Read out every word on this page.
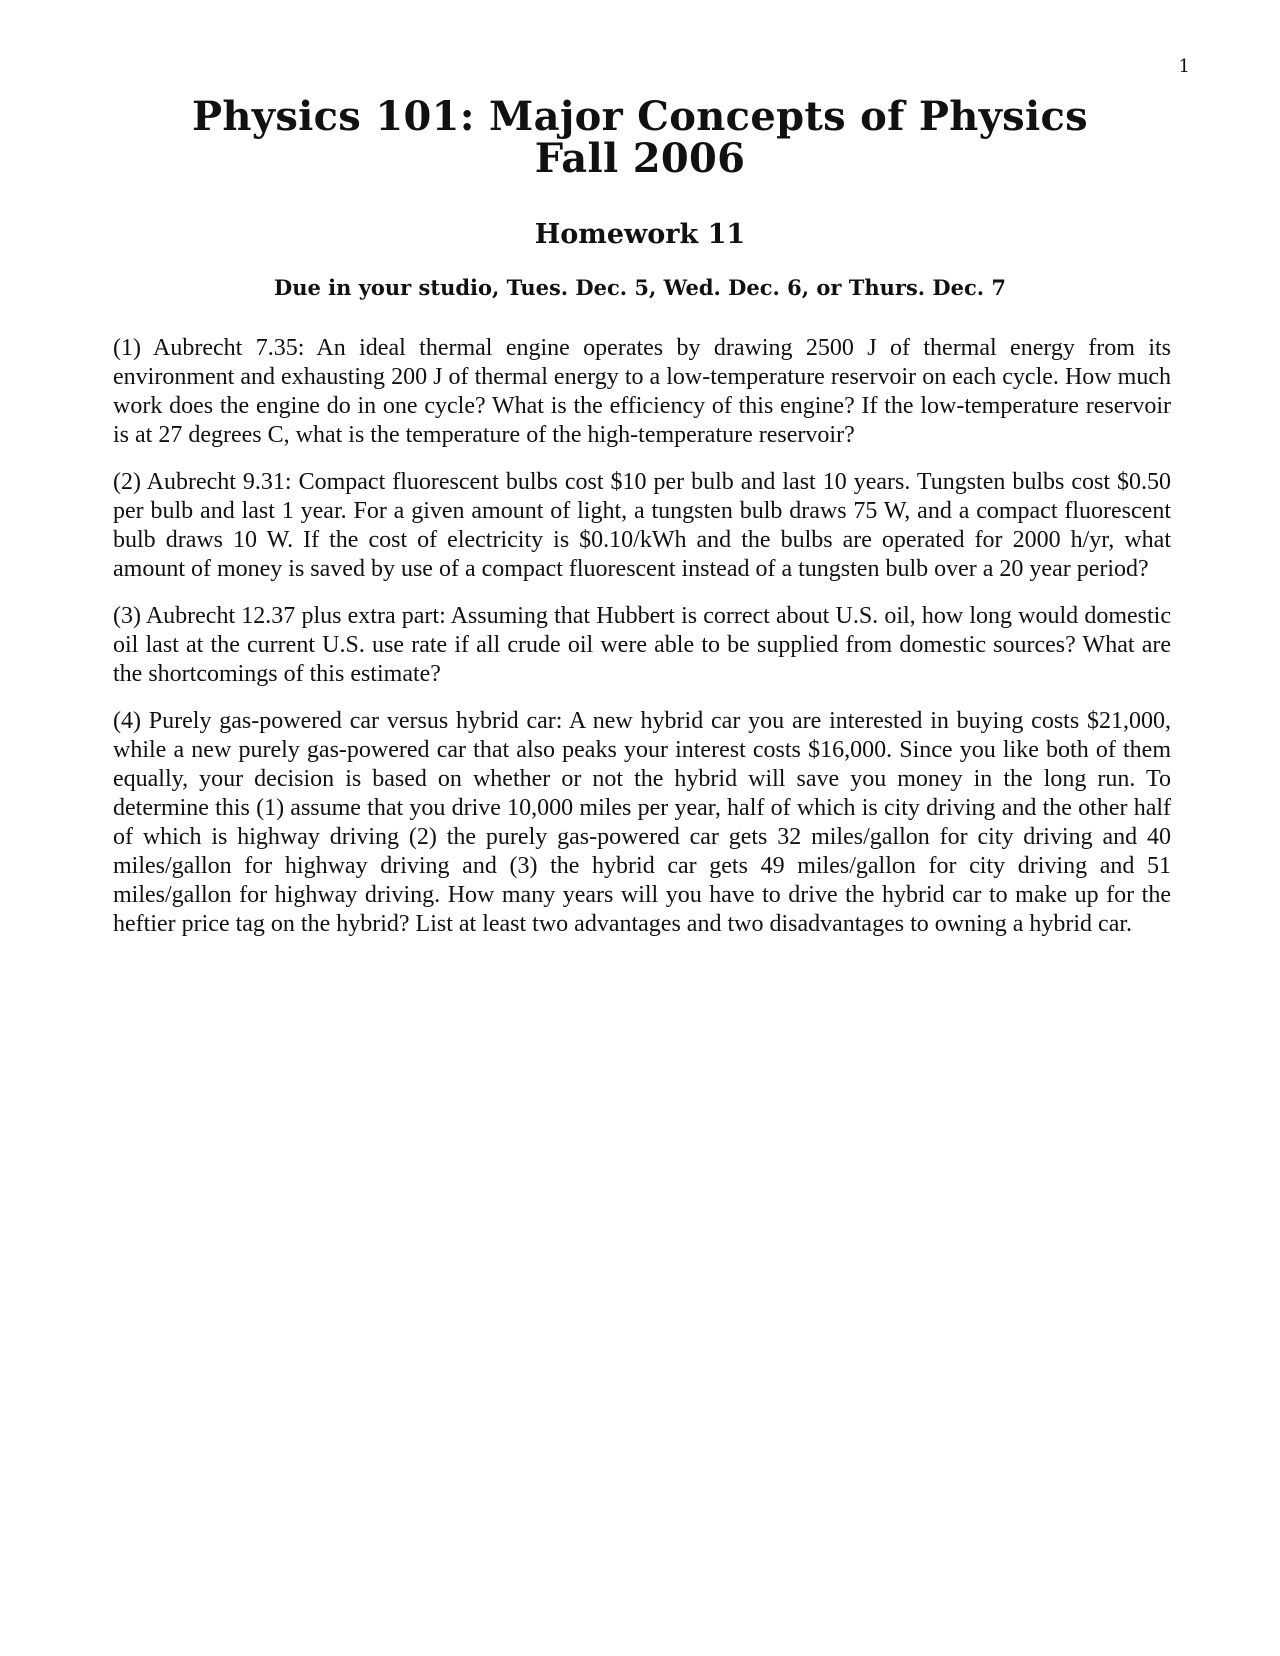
1
Physics 101: Major Concepts of Physics
Fall 2006
Homework 11
Due in your studio, Tues. Dec. 5, Wed. Dec. 6, or Thurs. Dec. 7

(1) Aubrecht 7.35: An ideal thermal engine operates by drawing 2500 J of thermal energy from its environment and exhausting 200 J of thermal energy to a low-temperature reservoir on each cycle. How much work does the engine do in one cycle? What is the efficiency of this engine? If the low-temperature reservoir is at 27 degrees C, what is the temperature of the high-temperature reservoir?

(2) Aubrecht 9.31: Compact fluorescent bulbs cost $10 per bulb and last 10 years. Tungsten bulbs cost $0.50 per bulb and last 1 year. For a given amount of light, a tungsten bulb draws 75 W, and a compact fluorescent bulb draws 10 W. If the cost of electricity is $0.10/kWh and the bulbs are operated for 2000 h/yr, what amount of money is saved by use of a compact fluorescent instead of a tungsten bulb over a 20 year period?

(3) Aubrecht 12.37 plus extra part: Assuming that Hubbert is correct about U.S. oil, how long would domestic oil last at the current U.S. use rate if all crude oil were able to be supplied from domestic sources? What are the shortcomings of this estimate?

(4) Purely gas-powered car versus hybrid car: A new hybrid car you are interested in buying costs $21,000, while a new purely gas-powered car that also peaks your interest costs $16,000. Since you like both of them equally, your decision is based on whether or not the hybrid will save you money in the long run. To determine this (1) assume that you drive 10,000 miles per year, half of which is city driving and the other half of which is highway driving (2) the purely gas-powered car gets 32 miles/gallon for city driving and 40 miles/gallon for highway driving and (3) the hybrid car gets 49 miles/gallon for city driving and 51 miles/gallon for highway driving. How many years will you have to drive the hybrid car to make up for the heftier price tag on the hybrid? List at least two advantages and two disadvantages to owning a hybrid car.
